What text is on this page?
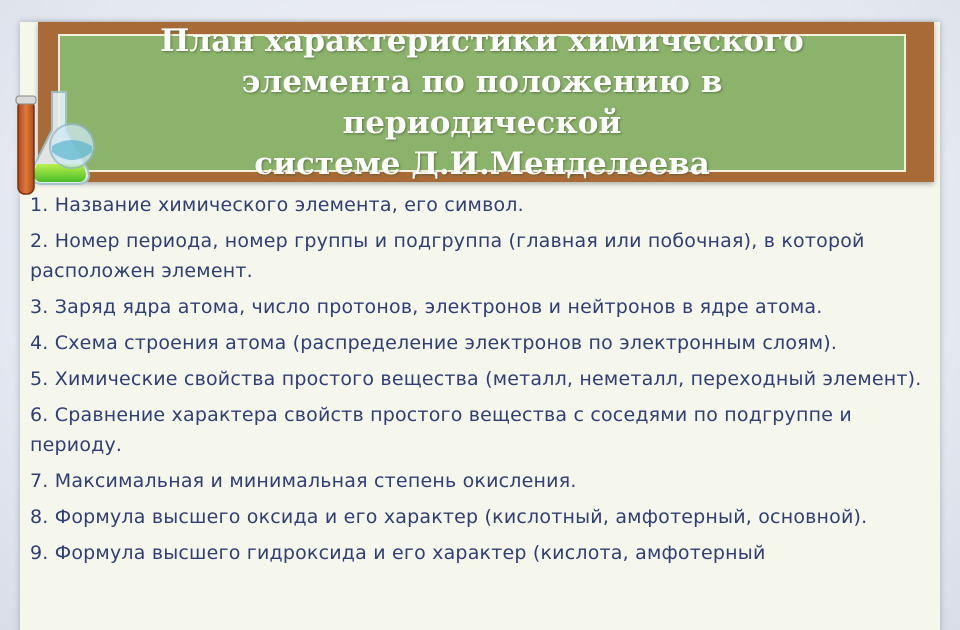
План характеристики химического
элемента по положению в периодической
системе Д.И.Менделеева
1. Название химического элемента, его символ.
2. Номер периода, номер группы и подгруппа (главная или побочная), в которой расположен элемент.
3. Заряд ядра атома, число протонов, электронов и нейтронов в ядре атома.
4. Схема строения атома (распределение электронов по электронным слоям).
5. Химические свойства простого вещества (металл, неметалл, переходный элемент).
6. Сравнение характера свойств простого вещества с соседями по подгруппе и периоду.
7. Максимальная и минимальная степень окисления.
8. Формула высшего оксида и его характер (кислотный, амфотерный, основной).
9. Формула высшего гидроксида и его характер (кислота, амфотерный
